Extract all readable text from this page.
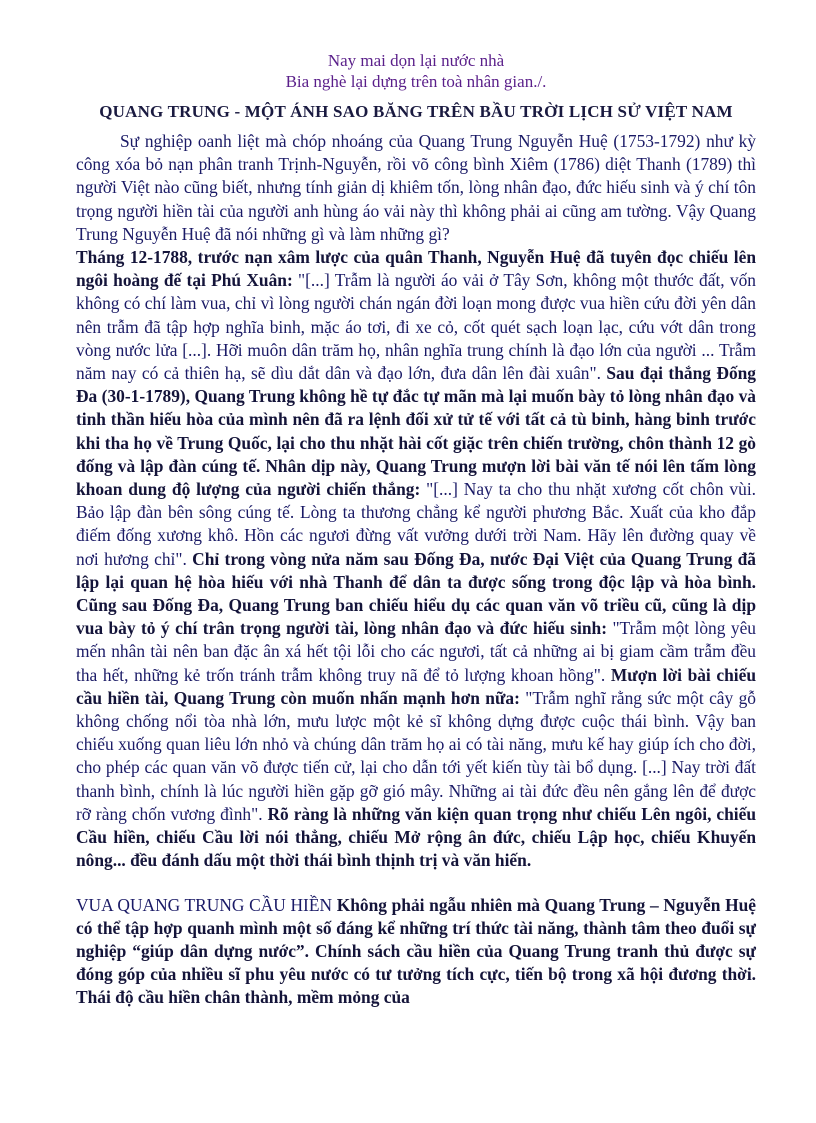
Nay mai dọn lại nước nhà

Bia nghè lại dựng trên toà nhân gian./.

QUANG TRUNG - MỘT ÁNH SAO BĂNG TRÊN BẦU TRỜI LỊCH SỬ VIỆT NAM

Sự nghiệp oanh liệt mà chóp nhoáng của Quang Trung Nguyễn Huệ (1753-1792) như kỳ công xóa bỏ nạn phân tranh Trịnh-Nguyễn, rồi võ công bình Xiêm (1786) diệt Thanh (1789) thì người Việt nào cũng biết, nhưng tính giản dị khiêm tốn, lòng nhân đạo, đức hiếu sinh và ý chí tôn trọng người hiền tài của người anh hùng áo vải này thì không phải ai cũng am tường. Vậy Quang Trung Nguyễn Huệ đã nói những gì và làm những gì?
Tháng 12-1788, trước nạn xâm lược của quân Thanh, Nguyễn Huệ đã tuyên đọc chiếu lên ngôi hoàng đế tại Phú Xuân: "[...] Trẫm là người áo vải ở Tây Sơn, không một thước đất, vốn không có chí làm vua, chỉ vì lòng người chán ngán đời loạn mong được vua hiền cứu đời yên dân nên trẫm đã tập hợp nghĩa binh, mặc áo tơi, đi xe cỏ, cốt quét sạch loạn lạc, cứu vớt dân trong vòng nước lửa [...]. Hỡi muôn dân trăm họ, nhân nghĩa trung chính là đạo lớn của người ... Trẫm năm nay có cả thiên hạ, sẽ dìu dắt dân và đạo lớn, đưa dân lên đài xuân". Sau đại thắng Đống Đa (30-1-1789), Quang Trung không hề tự đắc tự mãn mà lại muốn bày tỏ lòng nhân đạo và tinh thần hiếu hòa của mình nên đã ra lệnh đối xử tử tế với tất cả tù binh, hàng binh trước khi tha họ về Trung Quốc, lại cho thu nhặt hài cốt giặc trên chiến trường, chôn thành 12 gò đống và lập đàn cúng tế. Nhân dịp này, Quang Trung mượn lời bài văn tế nói lên tấm lòng khoan dung độ lượng của người chiến thắng: "[...] Nay ta cho thu nhặt xương cốt chôn vùi. Bảo lập đàn bên sông cúng tế. Lòng ta thương chẳng kể người phương Bắc. Xuất của kho đắp điếm đống xương khô. Hồn các ngươi đừng vất vưởng dưới trời Nam. Hãy lên đường quay về nơi hương chỉ". Chỉ trong vòng nửa năm sau Đống Đa, nước Đại Việt của Quang Trung đã lập lại quan hệ hòa hiếu với nhà Thanh để dân ta được sống trong độc lập và hòa bình. Cũng sau Đống Đa, Quang Trung ban chiếu hiểu dụ các quan văn võ triều cũ, cũng là dịp vua bày tỏ ý chí trân trọng người tài, lòng nhân đạo và đức hiếu sinh: "Trẫm một lòng yêu mến nhân tài nên ban đặc ân xá hết tội lỗi cho các ngươi, tất cả những ai bị giam cầm trẫm đều tha hết, những kẻ trốn tránh trẫm không truy nã để tỏ lượng khoan hồng". Mượn lời bài chiếu cầu hiền tài, Quang Trung còn muốn nhấn mạnh hơn nữa: "Trẫm nghĩ rằng sức một cây gỗ không chống nổi tòa nhà lớn, mưu lược một kẻ sĩ không dựng được cuộc thái bình. Vậy ban chiếu xuống quan liêu lớn nhỏ và chúng dân trăm họ ai có tài năng, mưu kế hay giúp ích cho đời, cho phép các quan văn võ được tiến cử, lại cho dẫn tới yết kiến tùy tài bổ dụng. [...] Nay trời đất thanh bình, chính là lúc người hiền gặp gỡ gió mây. Những ai tài đức đều nên gắng lên để được rỡ ràng chốn vương đình". Rõ ràng là những văn kiện quan trọng như chiếu Lên ngôi, chiếu Cầu hiền, chiếu Cầu lời nói thẳng, chiếu Mở rộng ân đức, chiếu Lập học, chiếu Khuyến nông... đều đánh dấu một thời thái bình thịnh trị và văn hiến.

VUA QUANG TRUNG CẦU HIỀN Không phải ngẫu nhiên mà Quang Trung – Nguyễn Huệ có thể tập hợp quanh mình một số đáng kể những trí thức tài năng, thành tâm theo đuổi sự nghiệp “giúp dân dựng nước”. Chính sách cầu hiền của Quang Trung tranh thủ được sự đóng góp của nhiều sĩ phu yêu nước có tư tưởng tích cực, tiến bộ trong xã hội đương thời. Thái độ cầu hiền chân thành, mềm mỏng của
